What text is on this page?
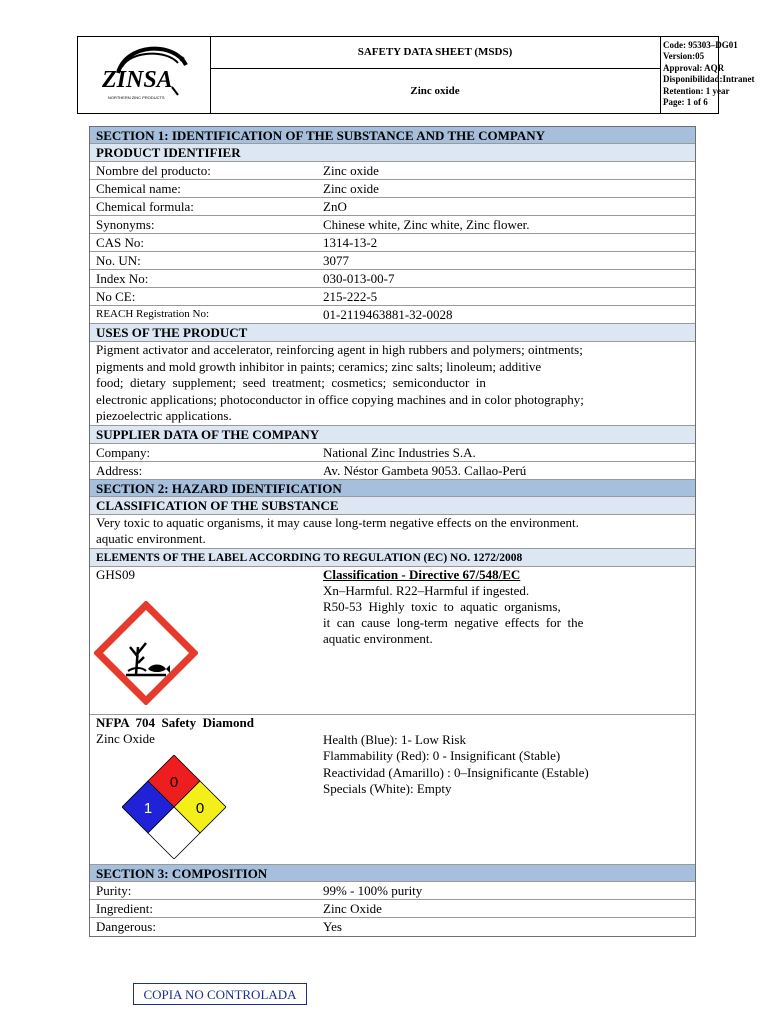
ZINSA
NORTHERN ZINC PRODUCTS
SAFETY DATA SHEET (MSDS)
Zinc oxide
Code: 95303–DG01
Version:05
Approval: AQR
Disponibilidad:Intranet
Retention: 1 year
Page: 1 of 6
SECTION 1: IDENTIFICATION OF THE SUBSTANCE AND THE COMPANY
PRODUCT IDENTIFIER
Nombre del producto:	Zinc oxide
Chemical name:	Zinc oxide
Chemical formula:	ZnO
Synonyms:	Chinese white, Zinc white, Zinc flower.
CAS No:	1314-13-2
No. UN:	3077
Index No:	030-013-00-7
No CE:	215-222-5
REACH Registration No:	01-2119463881-32-0028
USES OF THE PRODUCT
Pigment activator and accelerator, reinforcing agent in high rubbers and polymers; ointments;
pigments and mold growth inhibitor in paints; ceramics; zinc salts; linoleum; additive
food;  dietary  supplement;  seed  treatment;  cosmetics;  semiconductor  in
electronic applications; photoconductor in office copying machines and in color photography;
piezoelectric applications.
SUPPLIER DATA OF THE COMPANY
Company:	National Zinc Industries S.A.
Address:	Av. Néstor Gambeta 9053. Callao-Perú
SECTION 2: HAZARD IDENTIFICATION
CLASSIFICATION OF THE SUBSTANCE
Very toxic to aquatic organisms, it may cause long-term negative effects on the environment.
aquatic environment.
ELEMENTS OF THE LABEL ACCORDING TO REGULATION (EC) NO. 1272/2008
GHS09	Classification - Directive 67/548/EC
Xn–Harmful. R22–Harmful if ingested.
R50-53  Highly  toxic  to  aquatic  organisms,
it  can  cause  long-term  negative  effects  for  the
aquatic environment.
NFPA  704  Safety  Diamond
Zinc Oxide
0
1	0
Health (Blue): 1- Low Risk
Flammability (Red): 0 - Insignificant (Stable)
Reactividad (Amarillo) : 0–Insignificante (Estable)
Specials (White): Empty
SECTION 3: COMPOSITION
Purity:	99% - 100% purity
Ingredient:	Zinc Oxide
Dangerous:	Yes
COPIA NO CONTROLADA
